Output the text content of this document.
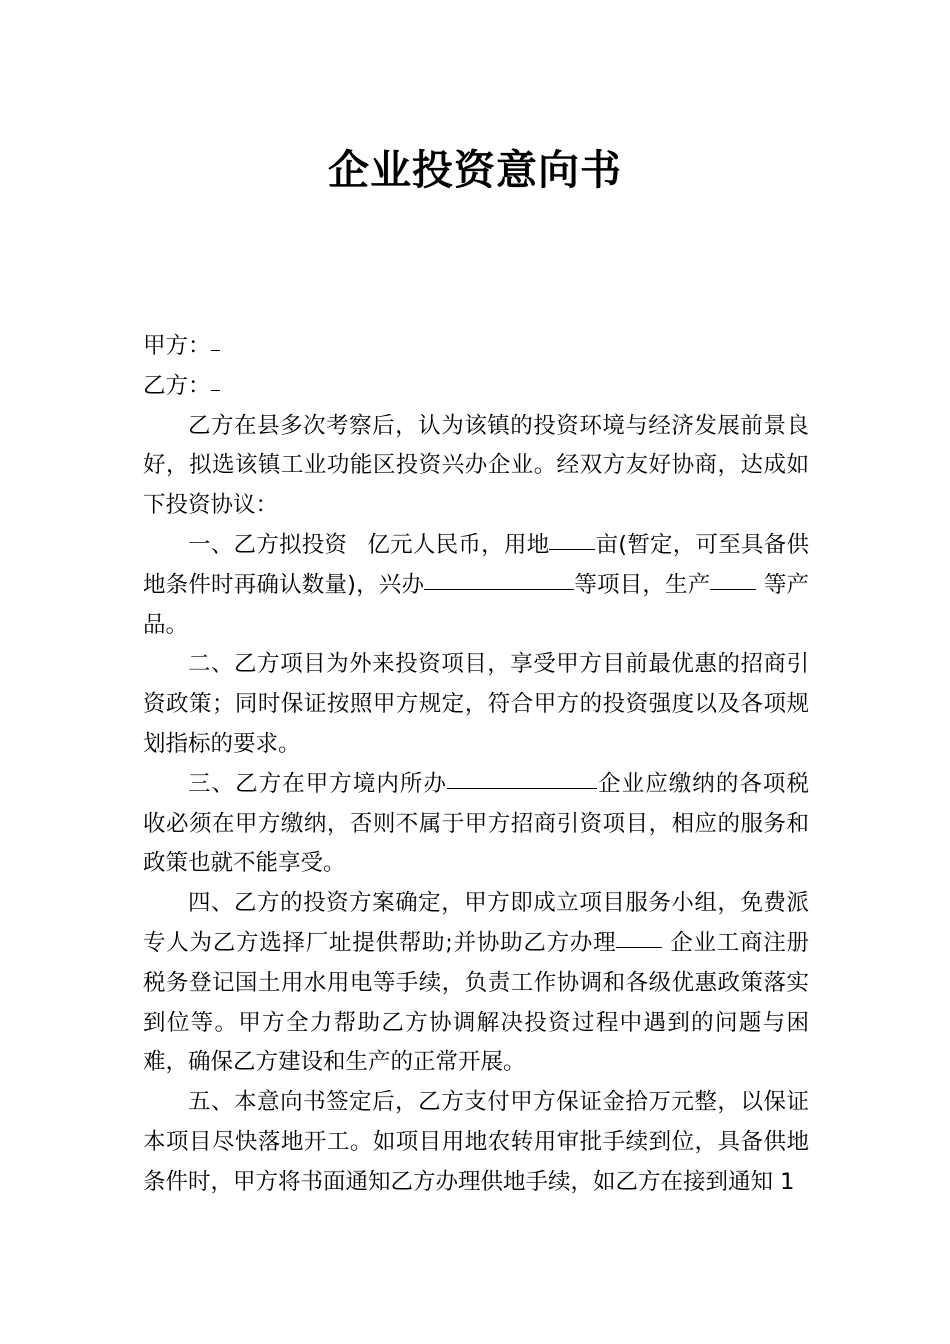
企业投资意向书

甲方：

乙方：

乙方在县多次考察后，认为该镇的投资环境与经济发展前景良好，拟选该镇工业功能区投资兴办企业。经双方友好协商，达成如下投资协议：

一、乙方拟投资 亿元人民币，用地 亩(暂定，可至具备供地条件时再确认数量)，兴办	等项目，生产 等产品。

二、乙方项目为外来投资项目，享受甲方目前最优惠的招商引资政策；同时保证按照甲方规定，符合甲方的投资强度以及各项规划指标的要求。

三、乙方在甲方境内所办	企业应缴纳的各项税收必须在甲方缴纳，否则不属于甲方招商引资项目，相应的服务和政策也就不能享受。

四、乙方的投资方案确定，甲方即成立项目服务小组，免费派专人为乙方选择厂址提供帮助;并协助乙方办理 企业工商注册税务登记国土用水用电等手续，负责工作协调和各级优惠政策落实到位等。甲方全力帮助乙方协调解决投资过程中遇到的问题与困难，确保乙方建设和生产的正常开展。

五、本意向书签定后，乙方支付甲方保证金拾万元整，以保证本项目尽快落地开工。如项目用地农转用审批手续到位，具备供地条件时，甲方将书面通知乙方办理供地手续，如乙方在接到通知 1
